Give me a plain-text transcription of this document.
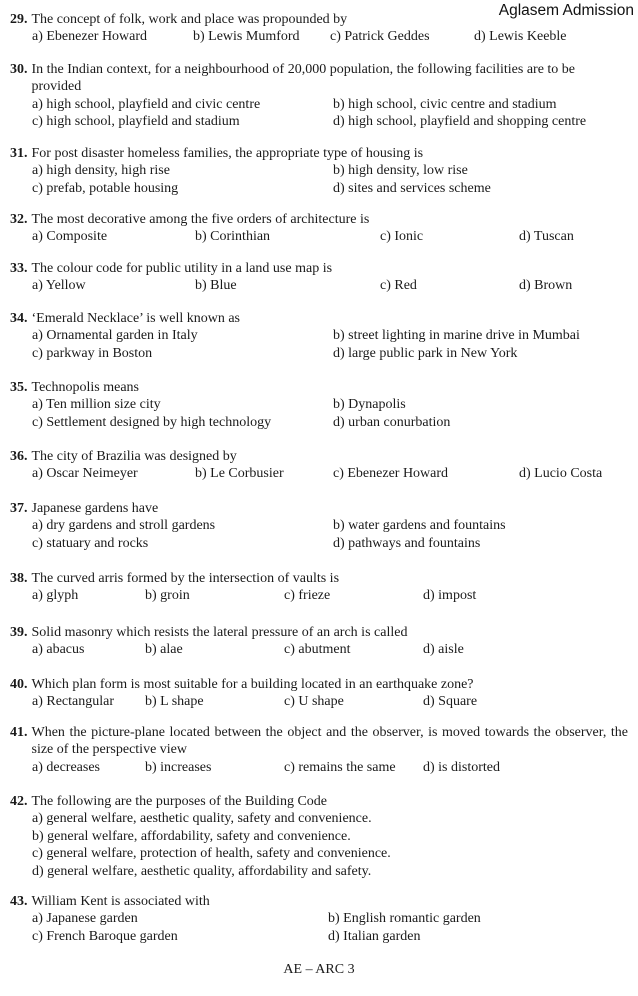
Aglasem Admission
29. The concept of folk, work and place was propounded by
a) Ebenezer Howard	b) Lewis Mumford c) Patrick Geddes	d) Lewis Keeble
30. In the Indian context, for a neighbourhood of 20,000 population, the following facilities are to be provided
a) high school, playfield and civic centre	b) high school, civic centre and stadium
c) high school, playfield and stadium	d) high school, playfield and shopping centre
31. For post disaster homeless families, the appropriate type of housing is
a) high density, high rise	b) high density, low rise
c) prefab, potable housing	d) sites and services scheme
32. The most decorative among the five orders of architecture is
a) Composite	b) Corinthian	c) Ionic	d) Tuscan
33. The colour code for public utility in a land use map is
a) Yellow	b) Blue	c) Red	d) Brown
34. ‘Emerald Necklace’ is well known as
a) Ornamental garden in Italy	b) street lighting in marine drive in Mumbai
c) parkway in Boston	d) large public park in New York
35. Technopolis means
a) Ten million size city	b) Dynapolis
c) Settlement designed by high technology	d) urban conurbation
36. The city of Brazilia was designed by
a) Oscar Neimeyer	b) Le Corbusier	c) Ebenezer Howard	d) Lucio Costa
37. Japanese gardens have
a) dry gardens and stroll gardens	b) water gardens and fountains
c) statuary and rocks	d) pathways and fountains
38. The curved arris formed by the intersection of vaults is
a) glyph	b) groin	c) frieze	d) impost
39. Solid masonry which resists the lateral pressure of an arch is called
a) abacus	b) alae	c) abutment	d) aisle
40. Which plan form is most suitable for a building located in an earthquake zone?
a) Rectangular b) L shape	c) U shape	d) Square
41. When the picture-plane located between the object and the observer, is moved towards the observer, the size of the perspective view
a) decreases	b) increases	c) remains the same d) is distorted
42. The following are the purposes of the Building Code
a) general welfare, aesthetic quality, safety and convenience.
b) general welfare, affordability, safety and convenience.
c) general welfare, protection of health, safety and convenience.
d) general welfare, aesthetic quality, affordability and safety.
43. William Kent is associated with
a) Japanese garden	b) English romantic garden
c) French Baroque garden	d) Italian garden
AE – ARC 3
